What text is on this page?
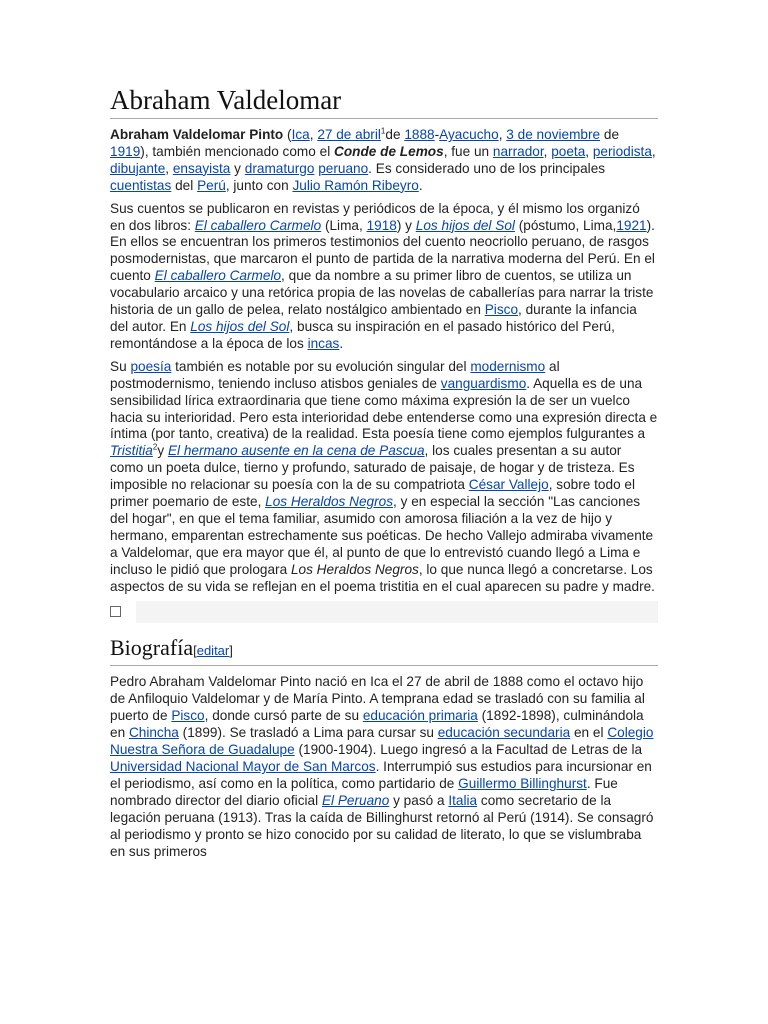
Abraham Valdelomar

Abraham Valdelomar Pinto (Ica, 27 de abril$^1$de 1888-Ayacucho, 3 de noviembre de 1919), también mencionado como el Conde de Lemos, fue un narrador, poeta, periodista, dibujante, ensayista y dramaturgo peruano. Es considerado uno de los principales cuentistas del Perú, junto con Julio Ramón Ribeyro.

Sus cuentos se publicaron en revistas y periódicos de la época, y él mismo los organizó en dos libros: El caballero Carmelo (Lima, 1918) y Los hijos del Sol (póstumo, Lima,1921). En ellos se encuentran los primeros testimonios del cuento neocriollo peruano, de rasgos posmodernistas, que marcaron el punto de partida de la narrativa moderna del Perú. En el cuento El caballero Carmelo, que da nombre a su primer libro de cuentos, se utiliza un vocabulario arcaico y una retórica propia de las novelas de caballerías para narrar la triste historia de un gallo de pelea, relato nostálgico ambientado en Pisco, durante la infancia del autor. En Los hijos del Sol, busca su inspiración en el pasado histórico del Perú, remontándose a la época de los incas.

Su poesía también es notable por su evolución singular del modernismo al postmodernismo, teniendo incluso atisbos geniales de vanguardismo. Aquella es de una sensibilidad lírica extraordinaria que tiene como máxima expresión la de ser un vuelco hacia su interioridad. Pero esta interioridad debe entenderse como una expresión directa e íntima (por tanto, creativa) de la realidad. Esta poesía tiene como ejemplos fulgurantes a Tristitia$^2$y El hermano ausente en la cena de Pascua, los cuales presentan a su autor como un poeta dulce, tierno y profundo, saturado de paisaje, de hogar y de tristeza. Es imposible no relacionar su poesía con la de su compatriota César Vallejo, sobre todo el primer poemario de este, Los Heraldos Negros, y en especial la sección "Las canciones del hogar", en que el tema familiar, asumido con amorosa filiación a la vez de hijo y hermano, emparentan estrechamente sus poéticas. De hecho Vallejo admiraba vivamente a Valdelomar, que era mayor que él, al punto de que lo entrevistó cuando llegó a Lima e incluso le pidió que prologara Los Heraldos Negros, lo que nunca llegó a concretarse. Los aspectos de su vida se reflejan en el poema tristitia en el cual aparecen su padre y madre.

Biografía[editar]

Pedro Abraham Valdelomar Pinto nació en Ica el 27 de abril de 1888 como el octavo hijo de Anfiloquio Valdelomar y de María Pinto. A temprana edad se trasladó con su familia al puerto de Pisco, donde cursó parte de su educación primaria (1892-1898), culminándola en Chincha (1899). Se trasladó a Lima para cursar su educación secundaria en el Colegio Nuestra Señora de Guadalupe (1900-1904). Luego ingresó a la Facultad de Letras de la Universidad Nacional Mayor de San Marcos. Interrumpió sus estudios para incursionar en el periodismo, así como en la política, como partidario de Guillermo Billinghurst. Fue nombrado director del diario oficial El Peruano y pasó a Italia como secretario de la legación peruana (1913). Tras la caída de Billinghurst retornó al Perú (1914). Se consagró al periodismo y pronto se hizo conocido por su calidad de literato, lo que se vislumbraba en sus primeros
